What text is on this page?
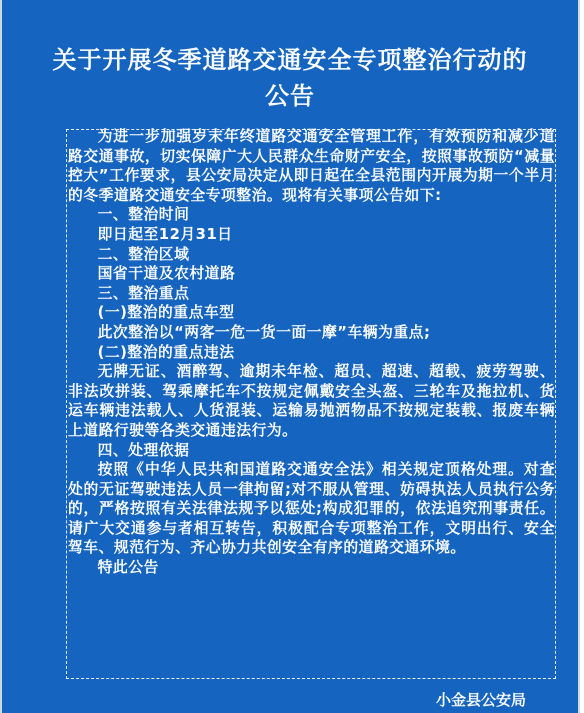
关于开展冬季道路交通安全专项整治行动的
公告

为进一步加强岁末年终道路交通安全管理工作，有效预防和减少道路交通事故，切实保障广大人民群众生命财产安全，按照事故预防“减量控大”工作要求，县公安局决定从即日起在全县范围内开展为期一个半月的冬季道路交通安全专项整治。现将有关事项公告如下:

一、整治时间

即日起至12月31日

二、整治区域

国省干道及农村道路

三、整治重点

(一)整治的重点车型

此次整治以“两客一危一货一面一摩”车辆为重点;

(二)整治的重点违法

无牌无证、酒醉驾、逾期未年检、超员、超速、超载、疲劳驾驶、非法改拼装、驾乘摩托车不按规定佩戴安全头盔、三轮车及拖拉机、货运车辆违法载人、人货混装、运输易抛洒物品不按规定装载、报废车辆上道路行驶等各类交通违法行为。

四、处理依据

按照《中华人民共和国道路交通安全法》相关规定顶格处理。对查处的无证驾驶违法人员一律拘留;对不服从管理、妨碍执法人员执行公务的，严格按照有关法律法规予以惩处;构成犯罪的，依法追究刑事责任。请广大交通参与者相互转告，积极配合专项整治工作，文明出行、安全驾车、规范行为、齐心协力共创安全有序的道路交通环境。

特此公告

小金县公安局
